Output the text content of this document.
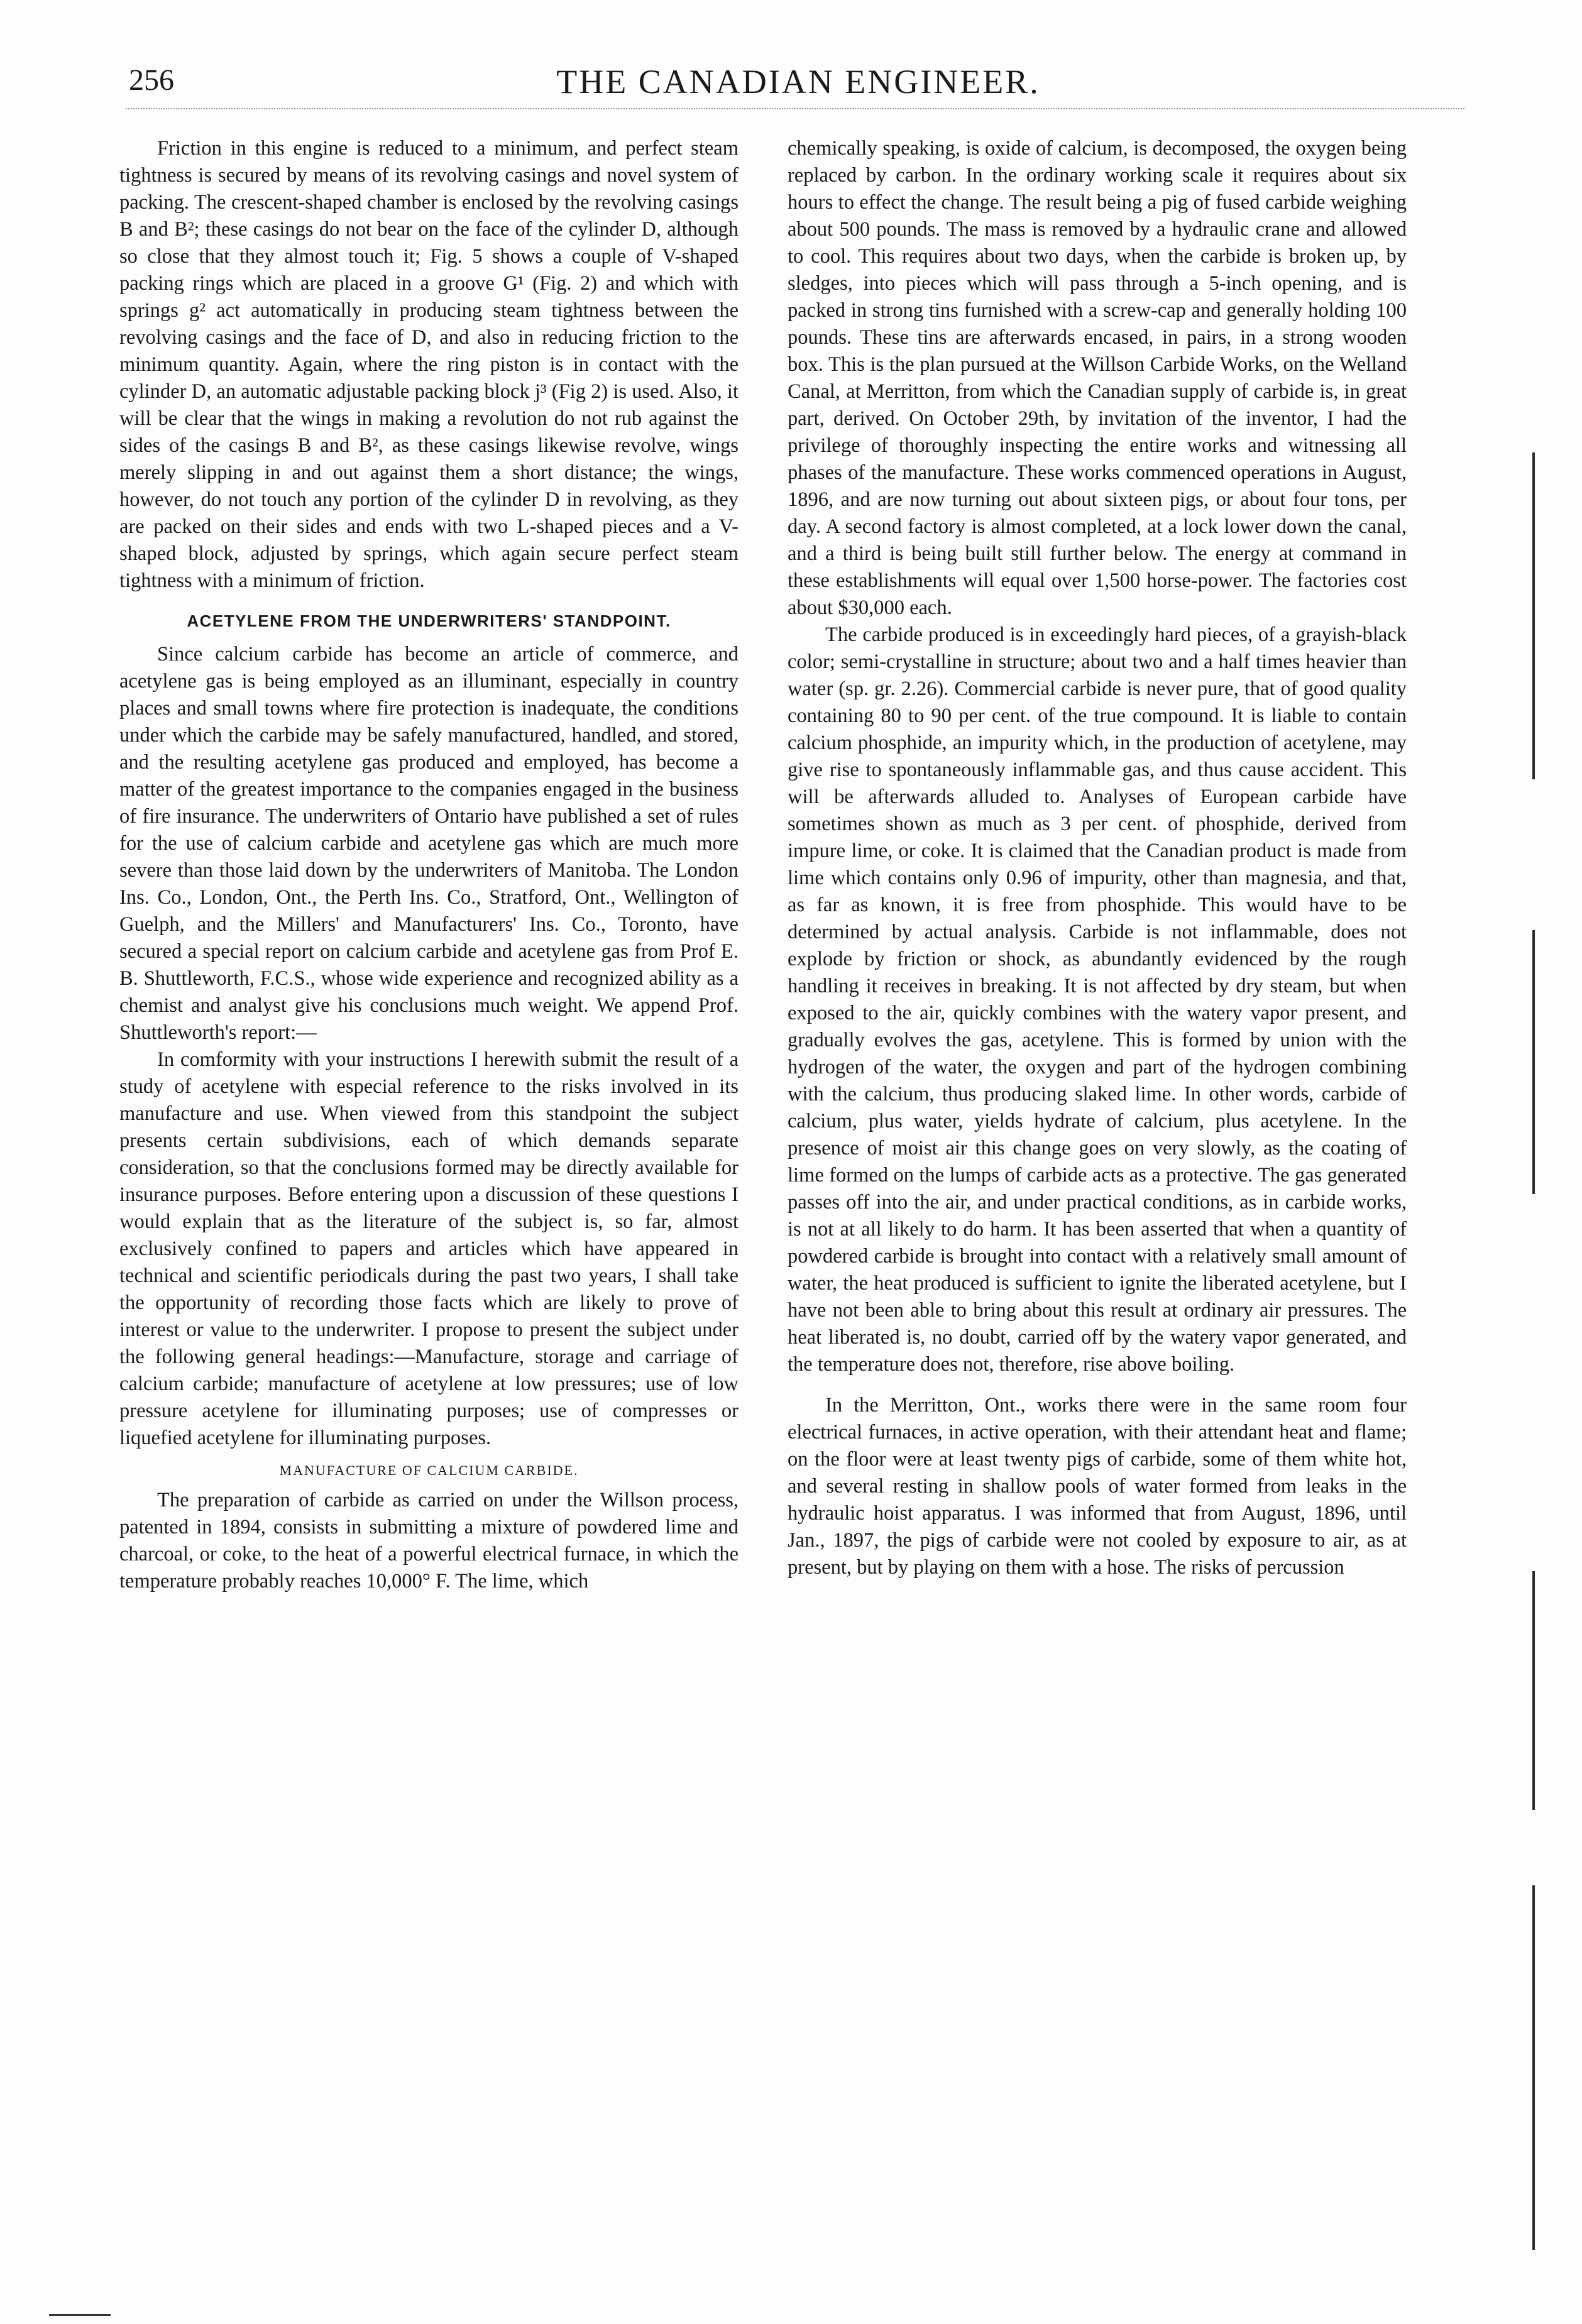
256	THE CANADIAN ENGINEER.

Friction in this engine is reduced to a minimum, and perfect steam tightness is secured by means of its revolving casings and novel system of packing. The crescent-shaped chamber is enclosed by the revolving casings B and B²; these casings do not bear on the face of the cylinder D, although so close that they almost touch it; Fig. 5 shows a couple of V-shaped packing rings which are placed in a groove G¹ (Fig. 2) and which with springs g² act automatically in producing steam tightness between the revolving casings and the face of D, and also in reducing friction to the minimum quantity. Again, where the ring piston is in contact with the cylinder D, an automatic adjustable packing block j³ (Fig 2) is used. Also, it will be clear that the wings in making a revolution do not rub against the sides of the casings B and B², as these casings likewise revolve, wings merely slipping in and out against them a short distance; the wings, however, do not touch any portion of the cylinder D in revolving, as they are packed on their sides and ends with two L-shaped pieces and a V-shaped block, adjusted by springs, which again secure perfect steam tightness with a minimum of friction.

ACETYLENE FROM THE UNDERWRITERS' STANDPOINT.

Since calcium carbide has become an article of commerce, and acetylene gas is being employed as an illuminant, especially in country places and small towns where fire protection is inadequate, the conditions under which the carbide may be safely manufactured, handled, and stored, and the resulting acetylene gas produced and employed, has become a matter of the greatest importance to the companies engaged in the business of fire insurance. The underwriters of Ontario have published a set of rules for the use of calcium carbide and acetylene gas which are much more severe than those laid down by the underwriters of Manitoba. The London Ins. Co., London, Ont., the Perth Ins. Co., Stratford, Ont., Wellington of Guelph, and the Millers' and Manufacturers' Ins. Co., Toronto, have secured a special report on calcium carbide and acetylene gas from Prof E. B. Shuttleworth, F.C.S., whose wide experience and recognized ability as a chemist and analyst give his conclusions much weight. We append Prof. Shuttleworth's report:—

In comformity with your instructions I herewith submit the result of a study of acetylene with especial reference to the risks involved in its manufacture and use. When viewed from this standpoint the subject presents certain subdivisions, each of which demands separate consideration, so that the conclusions formed may be directly available for insurance purposes. Before entering upon a discussion of these questions I would explain that as the literature of the subject is, so far, almost exclusively confined to papers and articles which have appeared in technical and scientific periodicals during the past two years, I shall take the opportunity of recording those facts which are likely to prove of interest or value to the underwriter. I propose to present the subject under the following general headings:—Manufacture, storage and carriage of calcium carbide; manufacture of acetylene at low pressures; use of low pressure acetylene for illuminating purposes; use of compresses or liquefied acetylene for illuminating purposes.

MANUFACTURE OF CALCIUM CARBIDE.

The preparation of carbide as carried on under the Willson process, patented in 1894, consists in submitting a mixture of powdered lime and charcoal, or coke, to the heat of a powerful electrical furnace, in which the temperature probably reaches 10,000° F. The lime, which

chemically speaking, is oxide of calcium, is decomposed, the oxygen being replaced by carbon. In the ordinary working scale it requires about six hours to effect the change. The result being a pig of fused carbide weighing about 500 pounds. The mass is removed by a hydraulic crane and allowed to cool. This requires about two days, when the carbide is broken up, by sledges, into pieces which will pass through a 5-inch opening, and is packed in strong tins furnished with a screw-cap and generally holding 100 pounds. These tins are afterwards encased, in pairs, in a strong wooden box. This is the plan pursued at the Willson Carbide Works, on the Welland Canal, at Merritton, from which the Canadian supply of carbide is, in great part, derived. On October 29th, by invitation of the inventor, I had the privilege of thoroughly inspecting the entire works and witnessing all phases of the manufacture. These works commenced operations in August, 1896, and are now turning out about sixteen pigs, or about four tons, per day. A second factory is almost completed, at a lock lower down the canal, and a third is being built still further below. The energy at command in these establishments will equal over 1,500 horse-power. The factories cost about $30,000 each.

The carbide produced is in exceedingly hard pieces, of a grayish-black color; semi-crystalline in structure; about two and a half times heavier than water (sp. gr. 2.26). Commercial carbide is never pure, that of good quality containing 80 to 90 per cent. of the true compound. It is liable to contain calcium phosphide, an impurity which, in the production of acetylene, may give rise to spontaneously inflammable gas, and thus cause accident. This will be afterwards alluded to. Analyses of European carbide have sometimes shown as much as 3 per cent. of phosphide, derived from impure lime, or coke. It is claimed that the Canadian product is made from lime which contains only 0.96 of impurity, other than magnesia, and that, as far as known, it is free from phosphide. This would have to be determined by actual analysis. Carbide is not inflammable, does not explode by friction or shock, as abundantly evidenced by the rough handling it receives in breaking. It is not affected by dry steam, but when exposed to the air, quickly combines with the watery vapor present, and gradually evolves the gas, acetylene. This is formed by union with the hydrogen of the water, the oxygen and part of the hydrogen combining with the calcium, thus producing slaked lime. In other words, carbide of calcium, plus water, yields hydrate of calcium, plus acetylene. In the presence of moist air this change goes on very slowly, as the coating of lime formed on the lumps of carbide acts as a protective. The gas generated passes off into the air, and under practical conditions, as in carbide works, is not at all likely to do harm. It has been asserted that when a quantity of powdered carbide is brought into contact with a relatively small amount of water, the heat produced is sufficient to ignite the liberated acetylene, but I have not been able to bring about this result at ordinary air pressures. The heat liberated is, no doubt, carried off by the watery vapor generated, and the temperature does not, therefore, rise above boiling.

In the Merritton, Ont., works there were in the same room four electrical furnaces, in active operation, with their attendant heat and flame; on the floor were at least twenty pigs of carbide, some of them white hot, and several resting in shallow pools of water formed from leaks in the hydraulic hoist apparatus. I was informed that from August, 1896, until Jan., 1897, the pigs of carbide were not cooled by exposure to air, as at present, but by playing on them with a hose. The risks of percussion
